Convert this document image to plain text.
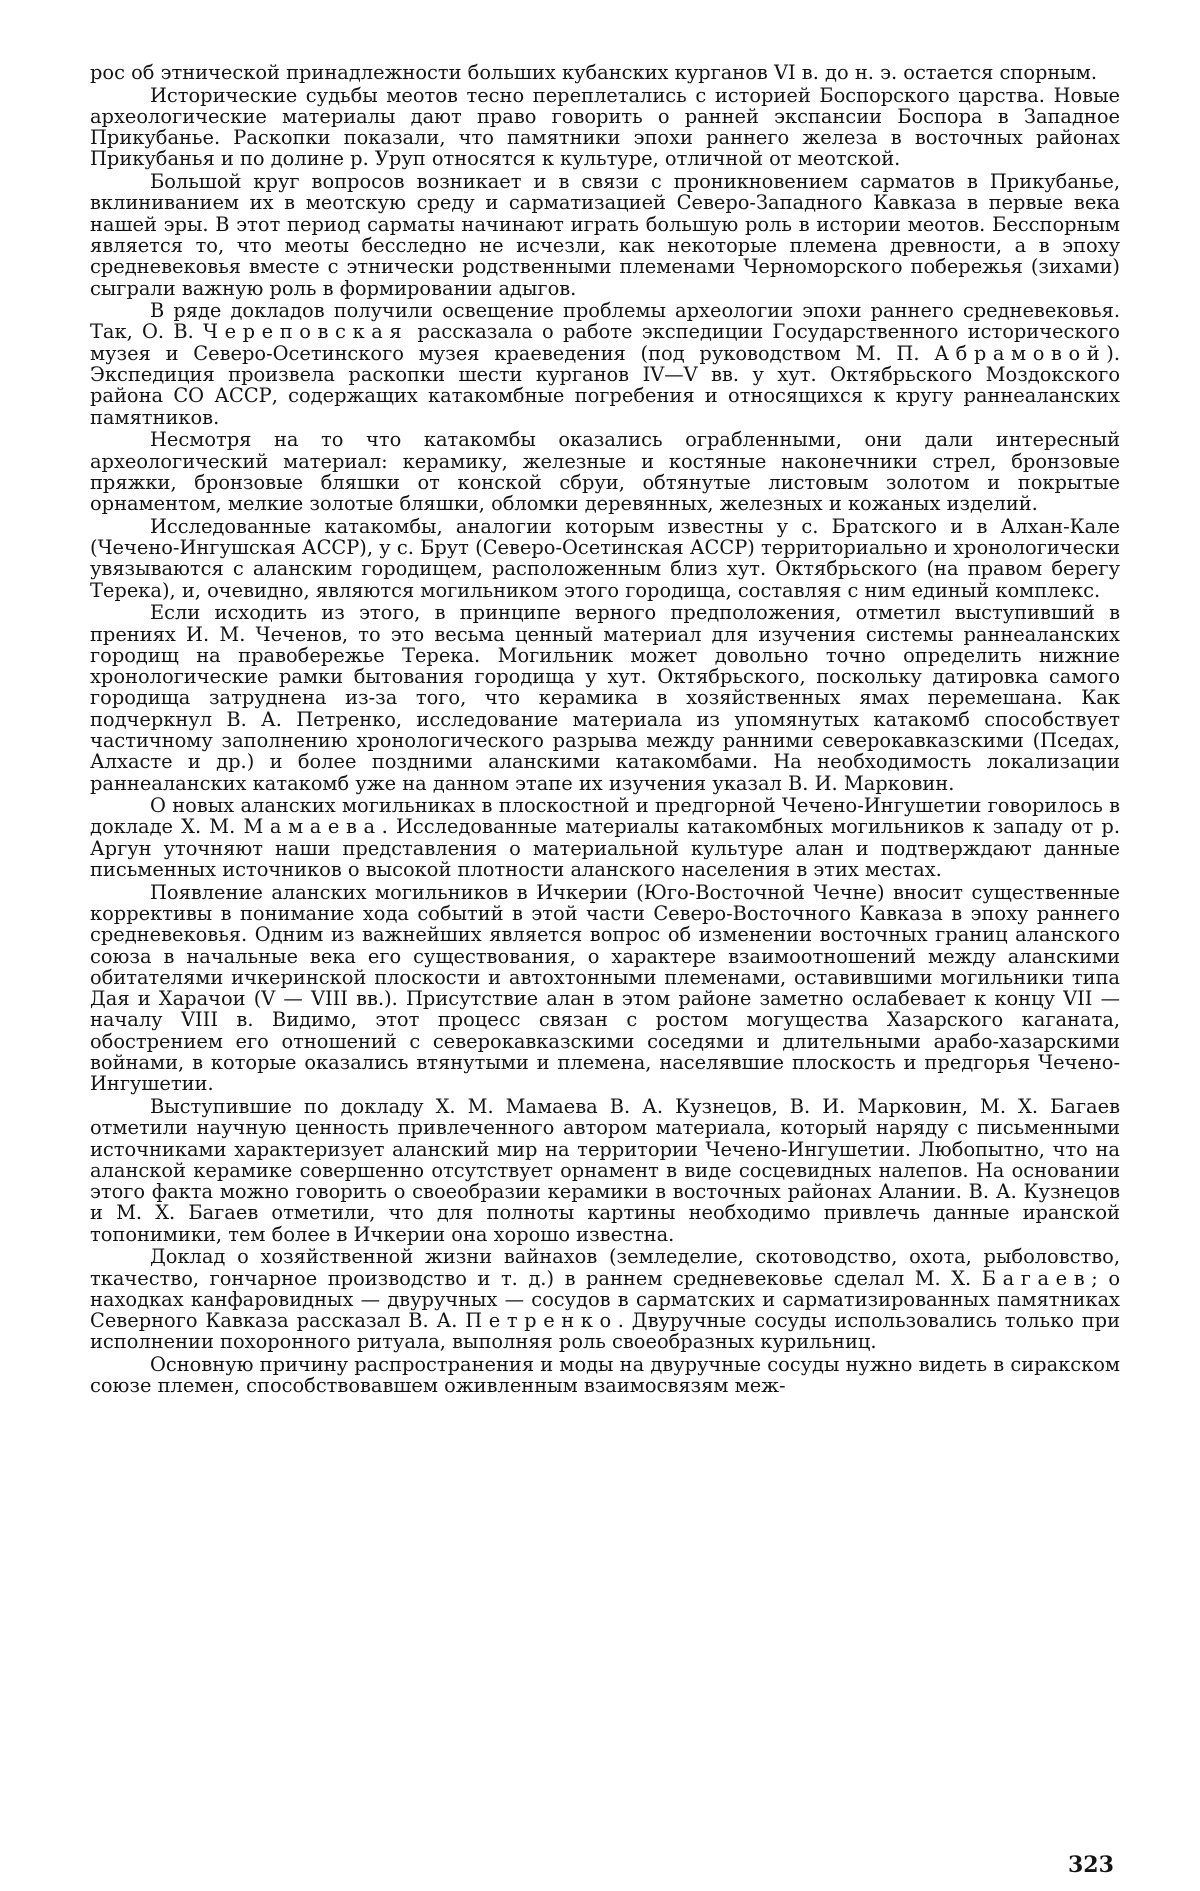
рос об этнической принадлежности больших кубанских курганов VI в. до н. э. остается спорным.

Исторические судьбы меотов тесно переплетались с историей Боспорского царства. Новые археологические материалы дают право говорить о ранней экспансии Боспора в Западное Прикубанье. Раскопки показали, что памятники эпохи раннего железа в восточных районах Прикубанья и по долине р. Уруп относятся к культуре, отличной от меотской.

Большой круг вопросов возникает и в связи с проникновением сарматов в Прикубанье, вклиниванием их в меотскую среду и сарматизацией Северо-Западного Кавказа в первые века нашей эры. В этот период сарматы начинают играть большую роль в истории меотов. Бесспорным является то, что меоты бесследно не исчезли, как некоторые племена древности, а в эпоху средневековья вместе с этнически родственными племенами Черноморского побережья (зихами) сыграли важную роль в формировании адыгов.

В ряде докладов получили освещение проблемы археологии эпохи раннего средневековья. Так, О. В. Череповская рассказала о работе экспедиции Государственного исторического музея и Северо-Осетинского музея краеведения (под руководством М. П. Абрамовой). Экспедиция произвела раскопки шести курганов IV—V вв. у хут. Октябрьского Моздокского района СО АССР, содержащих катакомбные погребения и относящихся к кругу раннеаланских памятников.

Несмотря на то что катакомбы оказались ограбленными, они дали интересный археологический материал: керамику, железные и костяные наконечники стрел, бронзовые пряжки, бронзовые бляшки от конской сбруи, обтянутые листовым золотом и покрытые орнаментом, мелкие золотые бляшки, обломки деревянных, железных и кожаных изделий.

Исследованные катакомбы, аналогии которым известны у с. Братского и в Алхан-Кале (Чечено-Ингушская АССР), у с. Брут (Северо-Осетинская АССР) территориально и хронологически увязываются с аланским городищем, расположенным близ хут. Октябрьского (на правом берегу Терека), и, очевидно, являются могильником этого городища, составляя с ним единый комплекс.

Если исходить из этого, в принципе верного предположения, отметил выступивший в прениях И. М. Чеченов, то это весьма ценный материал для изучения системы раннеаланских городищ на правобережье Терека. Могильник может довольно точно определить нижние хронологические рамки бытования городища у хут. Октябрьского, поскольку датировка самого городища затруднена из-за того, что керамика в хозяйственных ямах перемешана. Как подчеркнул В. А. Петренко, исследование материала из упомянутых катакомб способствует частичному заполнению хронологического разрыва между ранними северокавказскими (Пседах, Алхасте и др.) и более поздними аланскими катакомбами. На необходимость локализации раннеаланских катакомб уже на данном этапе их изучения указал В. И. Марковин.

О новых аланских могильниках в плоскостной и предгорной Чечено-Ингушетии говорилось в докладе Х. М. Мамаева. Исследованные материалы катакомбных могильников к западу от р. Аргун уточняют наши представления о материальной культуре алан и подтверждают данные письменных источников о высокой плотности аланского населения в этих местах.

Появление аланских могильников в Ичкерии (Юго-Восточной Чечне) вносит существенные коррективы в понимание хода событий в этой части Северо-Восточного Кавказа в эпоху раннего средневековья. Одним из важнейших является вопрос об изменении восточных границ аланского союза в начальные века его существования, о характере взаимоотношений между аланскими обитателями ичкеринской плоскости и автохтонными племенами, оставившими могильники типа Дая и Харачои (V — VIII вв.). Присутствие алан в этом районе заметно ослабевает к концу VII — началу VIII в. Видимо, этот процесс связан с ростом могущества Хазарского каганата, обострением его отношений с северокавказскими соседями и длительными арабо-хазарскими войнами, в которые оказались втянутыми и племена, населявшие плоскость и предгорья Чечено-Ингушетии.

Выступившие по докладу Х. М. Мамаева В. А. Кузнецов, В. И. Марковин, М. Х. Багаев отметили научную ценность привлеченного автором материала, который наряду с письменными источниками характеризует аланский мир на территории Чечено-Ингушетии. Любопытно, что на аланской керамике совершенно отсутствует орнамент в виде сосцевидных налепов. На основании этого факта можно говорить о своеобразии керамики в восточных районах Алании. В. А. Кузнецов и М. Х. Багаев отметили, что для полноты картины необходимо привлечь данные иранской топонимики, тем более в Ичкерии она хорошо известна.

Доклад о хозяйственной жизни вайнахов (земледелие, скотоводство, охота, рыболовство, ткачество, гончарное производство и т. д.) в раннем средневековье сделал М. Х. Багаев; о находках канфаровидных — двуручных — сосудов в сарматских и сарматизированных памятниках Северного Кавказа рассказал В. А. Петренко. Двуручные сосуды использовались только при исполнении похоронного ритуала, выполняя роль своеобразных курильниц.

Основную причину распространения и моды на двуручные сосуды нужно видеть в сиракском союзе племен, способствовавшем оживленным взаимосвязям меж-

323
